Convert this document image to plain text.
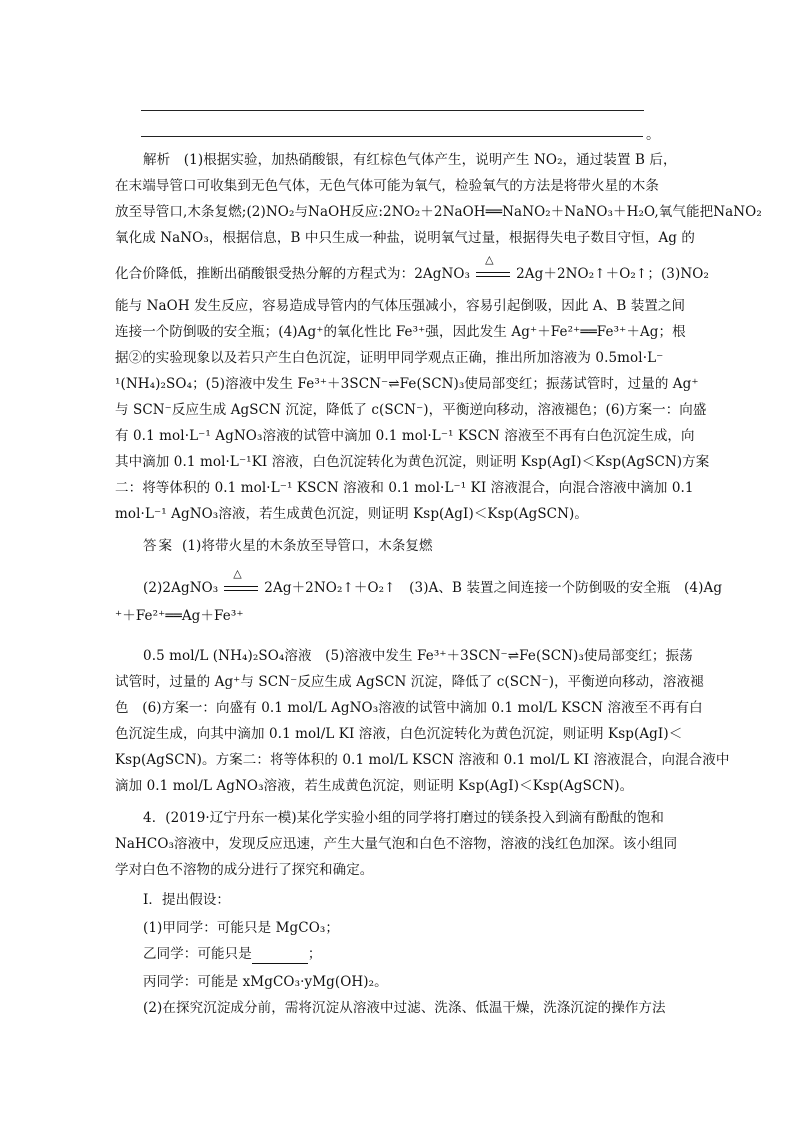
。
解析　(1)根据实验，加热硝酸银，有红棕色气体产生，说明产生 NO₂，通过装置 B 后，
在末端导管口可收集到无色气体，无色气体可能为氧气，检验氧气的方法是将带火星的木条
放至导管口,木条复燃;(2)NO₂与NaOH反应:2NO₂＋2NaOH══NaNO₂＋NaNO₃＋H₂O,氧气能把NaNO₂
氧化成 NaNO₃，根据信息，B 中只生成一种盐，说明氧气过量，根据得失电子数目守恒，Ag 的
化合价降低，推断出硝酸银受热分解的方程式为：2AgNO₃
△
2Ag＋2NO₂↑＋O₂↑；(3)NO₂
能与 NaOH 发生反应，容易造成导管内的气体压强减小，容易引起倒吸，因此 A、B 装置之间
连接一个防倒吸的安全瓶；(4)Ag⁺的氧化性比 Fe³⁺强，因此发生 Ag⁺＋Fe²⁺══Fe³⁺＋Ag；根
据②的实验现象以及若只产生白色沉淀，证明甲同学观点正确，推出所加溶液为 0.5mol·L⁻
¹(NH₄)₂SO₄；(5)溶液中发生 Fe³⁺＋3SCN⁻⇌Fe(SCN)₃使局部变红；振荡试管时，过量的 Ag⁺
与 SCN⁻反应生成 AgSCN 沉淀，降低了 c(SCN⁻)，平衡逆向移动，溶液褪色；(6)方案一：向盛
有 0.1 mol·L⁻¹ AgNO₃溶液的试管中滴加 0.1 mol·L⁻¹ KSCN 溶液至不再有白色沉淀生成，向
其中滴加 0.1 mol·L⁻¹KI 溶液，白色沉淀转化为黄色沉淀，则证明 Ksp(AgI)＜Ksp(AgSCN)方案
二：将等体积的 0.1 mol·L⁻¹ KSCN 溶液和 0.1 mol·L⁻¹ KI 溶液混合，向混合溶液中滴加 0.1
mol·L⁻¹ AgNO₃溶液，若生成黄色沉淀，则证明 Ksp(AgI)＜Ksp(AgSCN)。
答案 (1)将带火星的木条放至导管口，木条复燃
(2)2AgNO₃
△
2Ag＋2NO₂↑＋O₂↑　(3)A、B 装置之间连接一个防倒吸的安全瓶　(4)Ag
⁺＋Fe²⁺══Ag＋Fe³⁺
0.5 mol/L (NH₄)₂SO₄溶液　(5)溶液中发生 Fe³⁺＋3SCN⁻⇌Fe(SCN)₃使局部变红；振荡
试管时，过量的 Ag⁺与 SCN⁻反应生成 AgSCN 沉淀，降低了 c(SCN⁻)，平衡逆向移动，溶液褪
色　(6)方案一：向盛有 0.1 mol/L AgNO₃溶液的试管中滴加 0.1 mol/L KSCN 溶液至不再有白
色沉淀生成，向其中滴加 0.1 mol/L KI 溶液，白色沉淀转化为黄色沉淀，则证明 Ksp(AgI)＜
Ksp(AgSCN)。方案二：将等体积的 0.1 mol/L KSCN 溶液和 0.1 mol/L KI 溶液混合，向混合液中
滴加 0.1 mol/L AgNO₃溶液，若生成黄色沉淀，则证明 Ksp(AgI)＜Ksp(AgSCN)。
4．(2019·辽宁丹东一模)某化学实验小组的同学将打磨过的镁条投入到滴有酚酞的饱和
NaHCO₃溶液中，发现反应迅速，产生大量气泡和白色不溶物，溶液的浅红色加深。该小组同
学对白色不溶物的成分进行了探究和确定。
Ⅰ．提出假设：
(1)甲同学：可能只是 MgCO₃；
乙同学：可能只是	；
丙同学：可能是 xMgCO₃·yMg(OH)₂。
(2)在探究沉淀成分前，需将沉淀从溶液中过滤、洗涤、低温干燥，洗涤沉淀的操作方法
